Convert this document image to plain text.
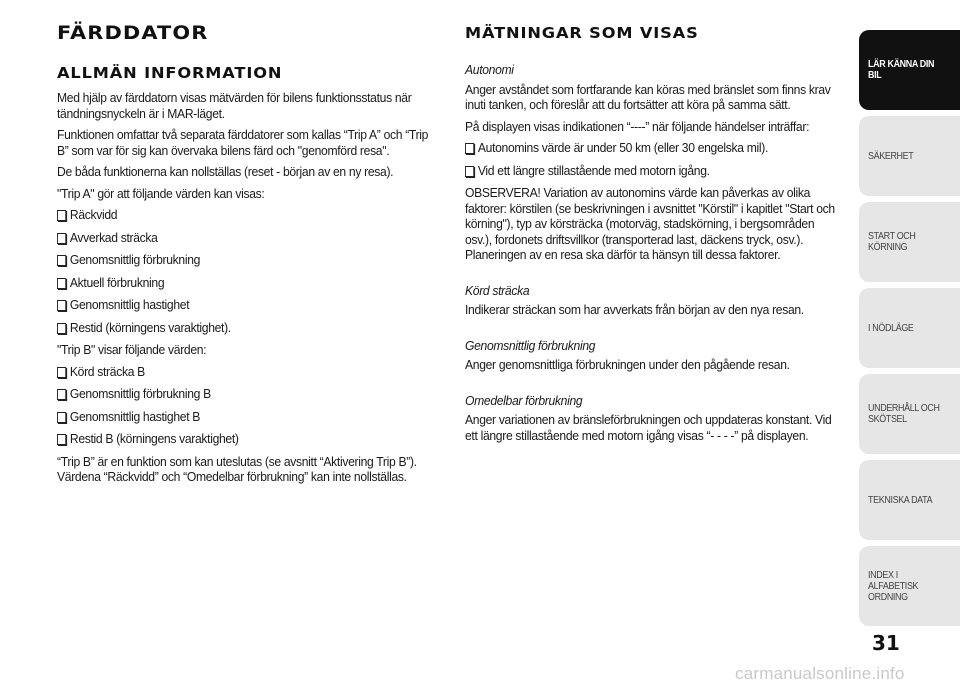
FÄRDDATOR
ALLMÄN INFORMATION

Med hjälp av färddatorn visas mätvärden för bilens funktionsstatus när tändningsnyckeln är i MAR-läget.

Funktionen omfattar två separata färddatorer som kallas “Trip A” och “Trip B” som var för sig kan övervaka bilens färd och "genomförd resa".

De båda funktionerna kan nollställas (reset - början av en ny resa).

"Trip A" gör att följande värden kan visas:

Räckvidd

Avverkad sträcka

Genomsnittlig förbrukning

Aktuell förbrukning

Genomsnittlig hastighet

Restid (körningens varaktighet).

"Trip B" visar följande värden:

Körd sträcka B

Genomsnittlig förbrukning B

Genomsnittlig hastighet B

Restid B (körningens varaktighet)

“Trip B” är en funktion som kan uteslutas (se avsnitt “Aktivering Trip B”). Värdena “Räckvidd” och “Omedelbar förbrukning” kan inte nollställas.

MÄTNINGAR SOM VISAS
Autonomi

Anger avståndet som fortfarande kan köras med bränslet som finns krav inuti tanken, och föreslår att du fortsätter att köra på samma sätt.

På displayen visas indikationen “----” när följande händelser inträffar:

Autonomins värde är under 50 km (eller 30 engelska mil).

Vid ett längre stillastående med motorn igång.

OBSERVERA! Variation av autonomins värde kan påverkas av olika faktorer: körstilen (se beskrivningen i avsnittet "Körstil" i kapitlet "Start och körning"), typ av körsträcka (motorväg, stadskörning, i bergsområden osv.), fordonets driftsvillkor (transporterad last, däckens tryck, osv.). Planeringen av en resa ska därför ta hänsyn till dessa faktorer.

Körd sträcka

Indikerar sträckan som har avverkats från början av den nya resan.

Genomsnittlig förbrukning

Anger genomsnittliga förbrukningen under den pågående resan.

Omedelbar förbrukning

Anger variationen av bränsleförbrukningen och uppdateras konstant. Vid ett längre stillastående med motorn igång visas “- - - -” på displayen.

LÄR KÄNNA DIN BIL
SÄKERHET
START OCH KÖRNING
I NÖDLÄGE
UNDERHÅLL OCH SKÖTSEL
TEKNISKA DATA
INDEX I ALFABETISK ORDNING
31
carmanualsonline.info
